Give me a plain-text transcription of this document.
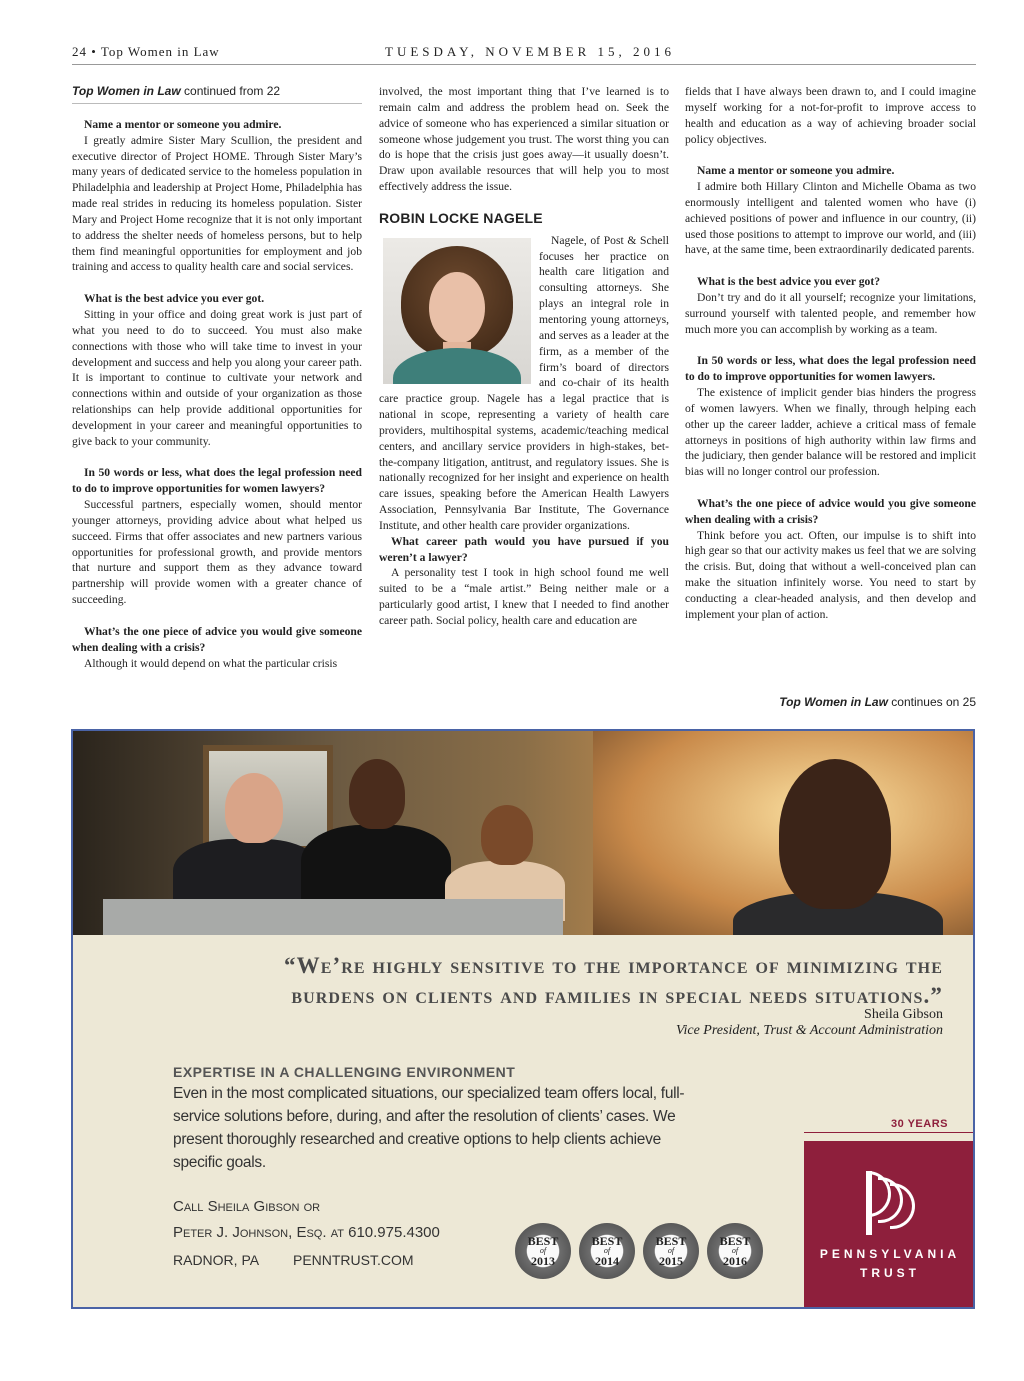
24 • Top Women in Law	TUESDAY, NOVEMBER 15, 2016
Top Women in Law continued from 22

Name a mentor or someone you admire.

I greatly admire Sister Mary Scullion, the president and executive director of Project HOME. Through Sister Mary’s many years of dedicated service to the homeless population in Philadelphia and leadership at Project Home, Philadelphia has made real strides in reducing its homeless population. Sister Mary and Project Home recognize that it is not only important to address the shelter needs of homeless persons, but to help them find meaningful opportunities for employment and job training and access to quality health care and social services.

What is the best advice you ever got.

Sitting in your office and doing great work is just part of what you need to do to succeed. You must also make connections with those who will take time to invest in your development and success and help you along your career path. It is important to continue to cultivate your network and connections within and outside of your organization as those relationships can help provide additional opportunities for development in your career and meaningful opportunities to give back to your community.

In 50 words or less, what does the legal profession need to do to improve opportunities for women lawyers?

Successful partners, especially women, should mentor younger attorneys, providing advice about what helped us succeed. Firms that offer associates and new partners various opportunities for professional growth, and provide mentors that nurture and support them as they advance toward partnership will provide women with a greater chance of succeeding.

What’s the one piece of advice you would give someone when dealing with a crisis?

Although it would depend on what the particular crisis

involved, the most important thing that I’ve learned is to remain calm and address the problem head on. Seek the advice of someone who has experienced a similar situation or someone whose judgement you trust. The worst thing you can do is hope that the crisis just goes away—it usually doesn’t. Draw upon available resources that will help you to most effectively address the issue.

ROBIN LOCKE NAGELE

Nagele, of Post & Schell focuses her practice on health care litigation and consulting attorneys. She plays an integral role in mentoring young attorneys, and serves as a leader at the firm, as a member of the firm’s board of directors and co-chair of its health care practice group. Nagele has a legal practice that is national in scope, representing a variety of health care providers, multihospital systems, academic/teaching medical centers, and ancillary service providers in high-stakes, bet-the-company litigation, antitrust, and regulatory issues. She is nationally recognized for her insight and experience on health care issues, speaking before the American Health Lawyers Association, Pennsylvania Bar Institute, The Governance Institute, and other health care provider organizations.

What career path would you have pursued if you weren’t a lawyer?

A personality test I took in high school found me well suited to be a “male artist.” Being neither male or a particularly good artist, I knew that I needed to find another career path. Social policy, health care and education are

fields that I have always been drawn to, and I could imagine myself working for a not-for-profit to improve access to health and education as a way of achieving broader social policy objectives.

Name a mentor or someone you admire.

I admire both Hillary Clinton and Michelle Obama as two enormously intelligent and talented women who have (i) achieved positions of power and influence in our country, (ii) used those positions to attempt to improve our world, and (iii) have, at the same time, been extraordinarily dedicated parents.

What is the best advice you ever got?

Don’t try and do it all yourself; recognize your limitations, surround yourself with talented people, and remember how much more you can accomplish by working as a team.

In 50 words or less, what does the legal profession need to do to improve opportunities for women lawyers.

The existence of implicit gender bias hinders the progress of women lawyers. When we finally, through helping each other up the career ladder, achieve a critical mass of female attorneys in positions of high authority within law firms and the judiciary, then gender balance will be restored and implicit bias will no longer control our profession.

What’s the one piece of advice would you give someone when dealing with a crisis?

Think before you act. Often, our impulse is to shift into high gear so that our activity makes us feel that we are solving the crisis. But, doing that without a well-conceived plan can make the situation infinitely worse. You need to start by conducting a clear-headed analysis, and then develop and implement your plan of action.

Top Women in Law continues on 25
“We’re highly sensitive to the importance of minimizing the
burdens on clients and families in special needs situations.”
Sheila Gibson
Vice President, Trust & Account Administration
EXPERTISE IN A CHALLENGING ENVIRONMENT
Even in the most complicated situations, our specialized team offers local, full-service solutions before, during, and after the resolution of clients’ cases. We present thoroughly researched and creative options to help clients achieve specific goals.
Call Sheila Gibson or
Peter J. Johnson, Esq. at 610.975.4300
RADNOR, PA PENNTRUST.COM
BEST
of
2013
BEST
of
2014
BEST
of
2015
BEST
of
2016
30 YEARS
PENNSYLVANIA
TRUST
